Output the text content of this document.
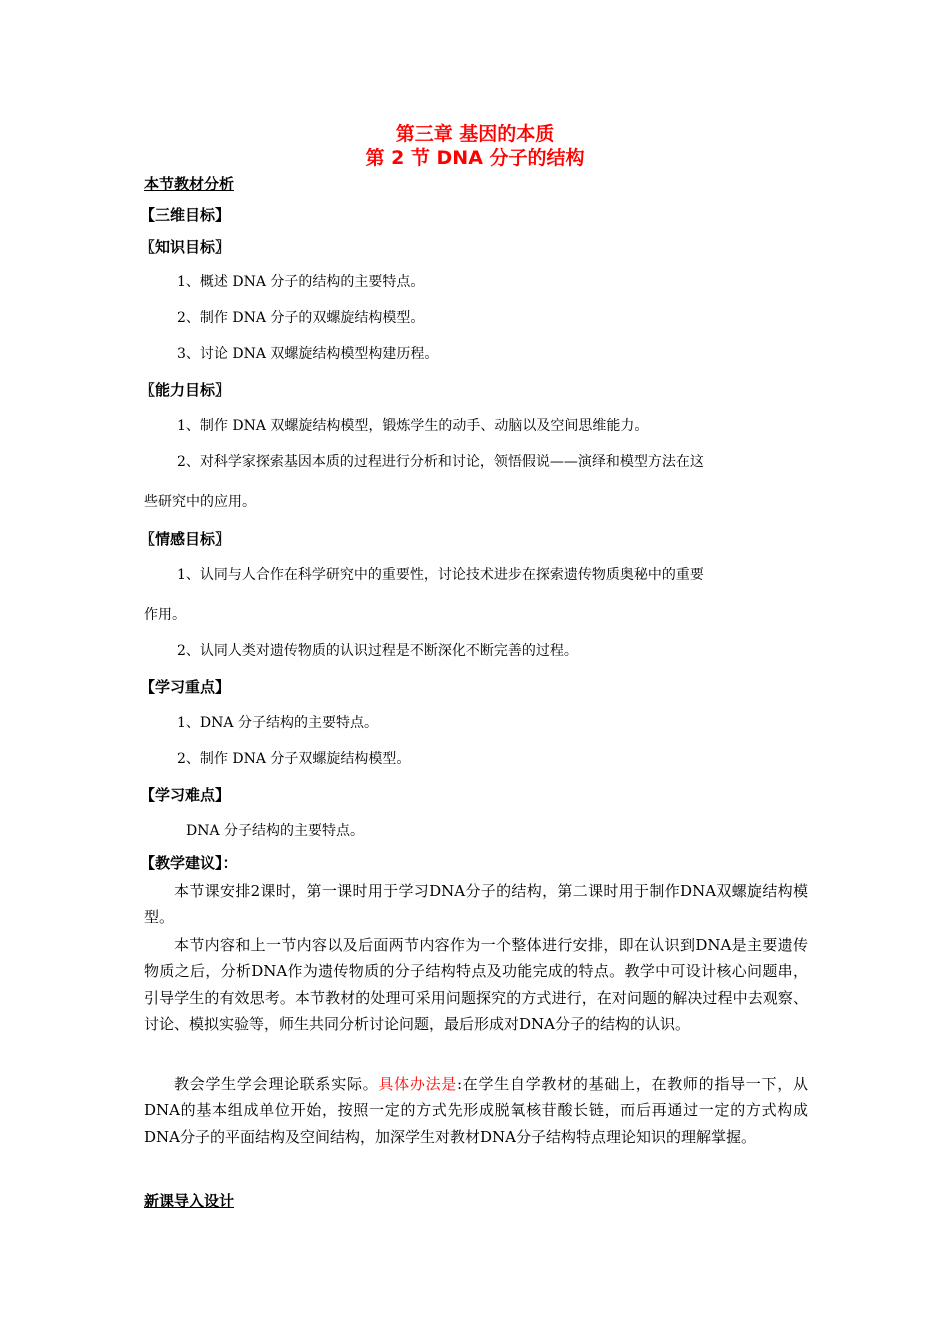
第三章 基因的本质
第 2 节 DNA 分子的结构
本节教材分析
【三维目标】
〖知识目标〗
1、概述 DNA 分子的结构的主要特点。
2、制作 DNA 分子的双螺旋结构模型。
3、讨论 DNA 双螺旋结构模型构建历程。
〖能力目标〗
1、制作 DNA 双螺旋结构模型，锻炼学生的动手、动脑以及空间思维能力。
2、对科学家探索基因本质的过程进行分析和讨论，领悟假说——演绎和模型方法在这
些研究中的应用。
〖情感目标〗
1、认同与人合作在科学研究中的重要性，讨论技术进步在探索遗传物质奥秘中的重要
作用。
2、认同人类对遗传物质的认识过程是不断深化不断完善的过程。
【学习重点】
1、DNA 分子结构的主要特点。
2、制作 DNA 分子双螺旋结构模型。
【学习难点】
DNA 分子结构的主要特点。
【教学建议】：
本节课安排2课时，第一课时用于学习DNA分子的结构，第二课时用于制作DNA双螺旋结构模型。
本节内容和上一节内容以及后面两节内容作为一个整体进行安排，即在认识到DNA是主要遗传物质之后，分析DNA作为遗传物质的分子结构特点及功能完成的特点。教学中可设计核心问题串，引导学生的有效思考。本节教材的处理可采用问题探究的方式进行，在对问题的解决过程中去观察、讨论、模拟实验等，师生共同分析讨论问题，最后形成对DNA分子的结构的认识。
教会学生学会理论联系实际。具体办法是:在学生自学教材的基础上，在教师的指导一下，从DNA的基本组成单位开始，按照一定的方式先形成脱氧核苷酸长链，而后再通过一定的方式构成DNA分子的平面结构及空间结构，加深学生对教材DNA分子结构特点理论知识的理解掌握。
新课导入设计
